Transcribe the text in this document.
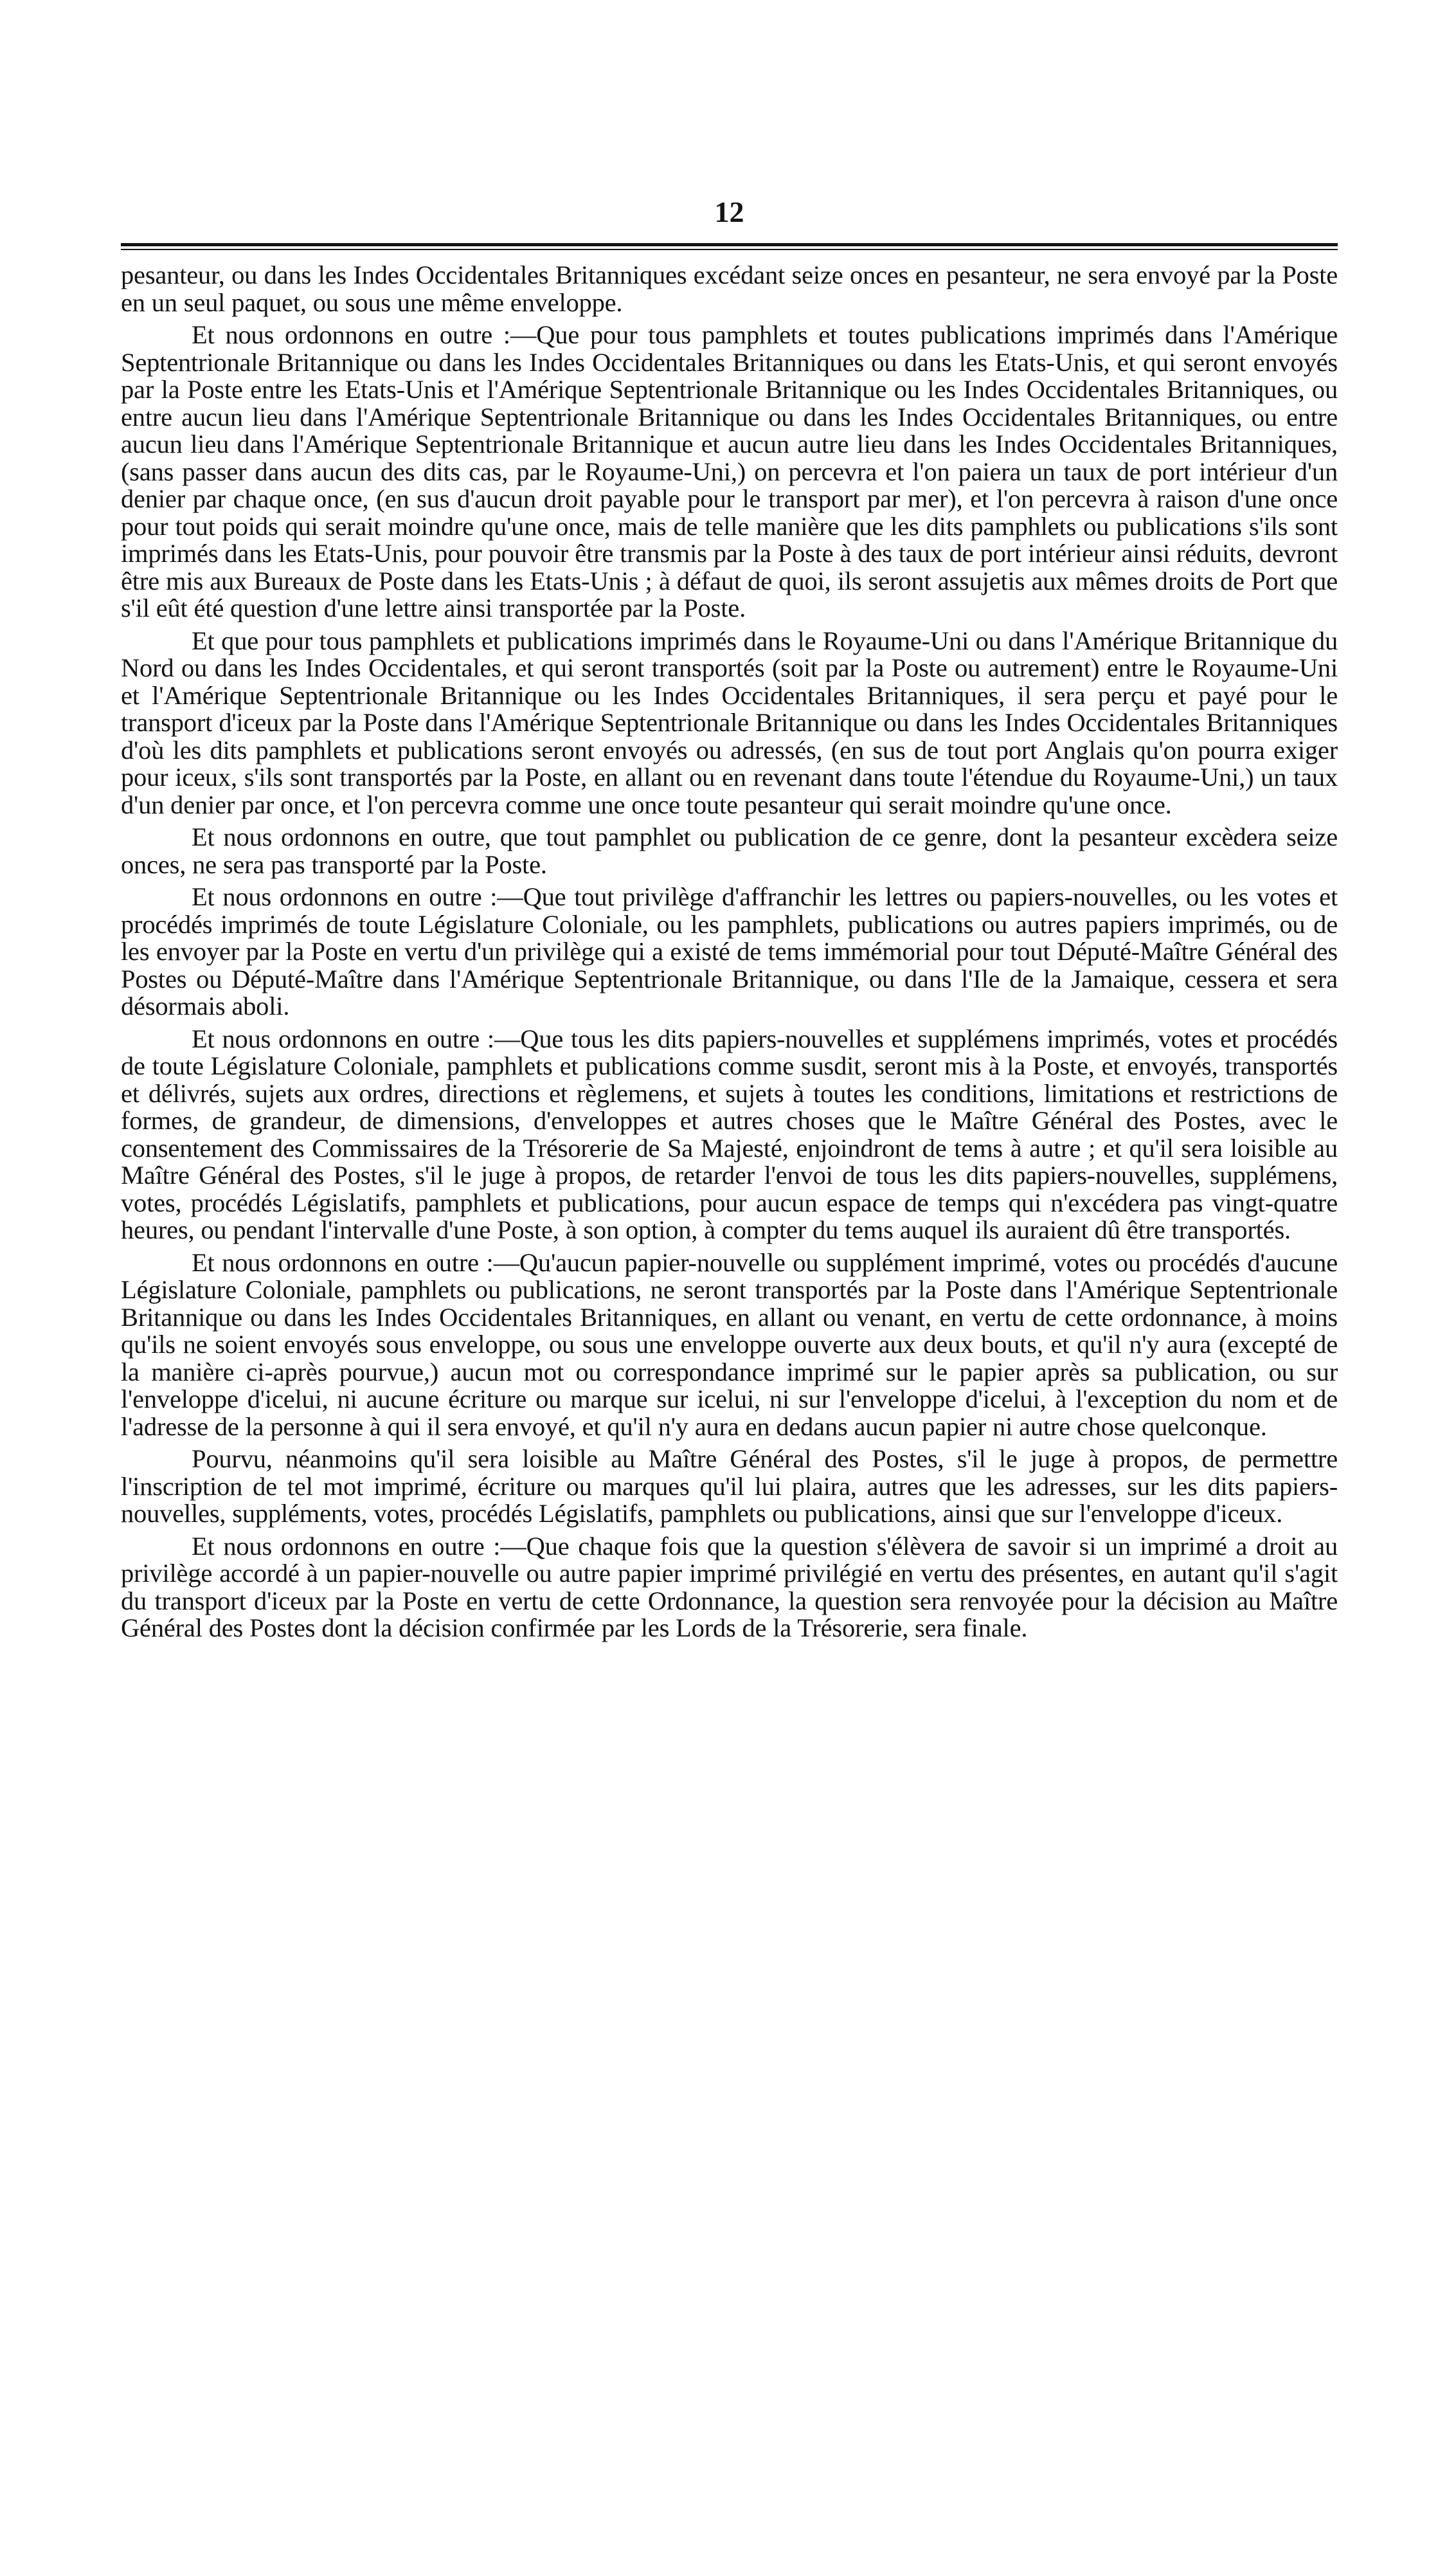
12

pesanteur, ou dans les Indes Occidentales Britanniques excédant seize onces en pesanteur, ne sera envoyé par la Poste en un seul paquet, ou sous une même enveloppe.

Et nous ordonnons en outre :—Que pour tous pamphlets et toutes publications imprimés dans l'Amérique Septentrionale Britannique ou dans les Indes Occidentales Britanniques ou dans les Etats-Unis, et qui seront envoyés par la Poste entre les Etats-Unis et l'Amérique Septentrionale Britannique ou les Indes Occidentales Britanniques, ou entre aucun lieu dans l'Amérique Septentrionale Britannique ou dans les Indes Occidentales Britanniques, ou entre aucun lieu dans l'Amérique Septentrionale Britannique et aucun autre lieu dans les Indes Occidentales Britanniques, (sans passer dans aucun des dits cas, par le Royaume-Uni,) on percevra et l'on paiera un taux de port intérieur d'un denier par chaque once, (en sus d'aucun droit payable pour le transport par mer), et l'on percevra à raison d'une once pour tout poids qui serait moindre qu'une once, mais de telle manière que les dits pamphlets ou publications s'ils sont imprimés dans les Etats-Unis, pour pouvoir être transmis par la Poste à des taux de port intérieur ainsi réduits, devront être mis aux Bureaux de Poste dans les Etats-Unis ; à défaut de quoi, ils seront assujetis aux mêmes droits de Port que s'il eût été question d'une lettre ainsi transportée par la Poste.

Et que pour tous pamphlets et publications imprimés dans le Royaume-Uni ou dans l'Amérique Britannique du Nord ou dans les Indes Occidentales, et qui seront transportés (soit par la Poste ou autrement) entre le Royaume-Uni et l'Amérique Septentrionale Britannique ou les Indes Occidentales Britanniques, il sera perçu et payé pour le transport d'iceux par la Poste dans l'Amérique Septentrionale Britannique ou dans les Indes Occidentales Britanniques d'où les dits pamphlets et publications seront envoyés ou adressés, (en sus de tout port Anglais qu'on pourra exiger pour iceux, s'ils sont transportés par la Poste, en allant ou en revenant dans toute l'étendue du Royaume-Uni,) un taux d'un denier par once, et l'on percevra comme une once toute pesanteur qui serait moindre qu'une once.

Et nous ordonnons en outre, que tout pamphlet ou publication de ce genre, dont la pesanteur excèdera seize onces, ne sera pas transporté par la Poste.

Et nous ordonnons en outre :—Que tout privilège d'affranchir les lettres ou papiers-nouvelles, ou les votes et procédés imprimés de toute Législature Coloniale, ou les pamphlets, publications ou autres papiers imprimés, ou de les envoyer par la Poste en vertu d'un privilège qui a existé de tems immémorial pour tout Député-Maître Général des Postes ou Député-Maître dans l'Amérique Septentrionale Britannique, ou dans l'Ile de la Jamaique, cessera et sera désormais aboli.

Et nous ordonnons en outre :—Que tous les dits papiers-nouvelles et supplémens imprimés, votes et procédés de toute Législature Coloniale, pamphlets et publications comme susdit, seront mis à la Poste, et envoyés, transportés et délivrés, sujets aux ordres, directions et règlemens, et sujets à toutes les conditions, limitations et restrictions de formes, de grandeur, de dimensions, d'enveloppes et autres choses que le Maître Général des Postes, avec le consentement des Commissaires de la Trésorerie de Sa Majesté, enjoindront de tems à autre ; et qu'il sera loisible au Maître Général des Postes, s'il le juge à propos, de retarder l'envoi de tous les dits papiers-nouvelles, supplémens, votes, procédés Législatifs, pamphlets et publications, pour aucun espace de temps qui n'excédera pas vingt-quatre heures, ou pendant l'intervalle d'une Poste, à son option, à compter du tems auquel ils auraient dû être transportés.

Et nous ordonnons en outre :—Qu'aucun papier-nouvelle ou supplément imprimé, votes ou procédés d'aucune Législature Coloniale, pamphlets ou publications, ne seront transportés par la Poste dans l'Amérique Septentrionale Britannique ou dans les Indes Occidentales Britanniques, en allant ou venant, en vertu de cette ordonnance, à moins qu'ils ne soient envoyés sous enveloppe, ou sous une enveloppe ouverte aux deux bouts, et qu'il n'y aura (excepté de la manière ci-après pourvue,) aucun mot ou correspondance imprimé sur le papier après sa publication, ou sur l'enveloppe d'icelui, ni aucune écriture ou marque sur icelui, ni sur l'enveloppe d'icelui, à l'exception du nom et de l'adresse de la personne à qui il sera envoyé, et qu'il n'y aura en dedans aucun papier ni autre chose quelconque.

Pourvu, néanmoins qu'il sera loisible au Maître Général des Postes, s'il le juge à propos, de permettre l'inscription de tel mot imprimé, écriture ou marques qu'il lui plaira, autres que les adresses, sur les dits papiers-nouvelles, suppléments, votes, procédés Législatifs, pamphlets ou publications, ainsi que sur l'enveloppe d'iceux.

Et nous ordonnons en outre :—Que chaque fois que la question s'élèvera de savoir si un imprimé a droit au privilège accordé à un papier-nouvelle ou autre papier imprimé privilégié en vertu des présentes, en autant qu'il s'agit du transport d'iceux par la Poste en vertu de cette Ordonnance, la question sera renvoyée pour la décision au Maître Général des Postes dont la décision confirmée par les Lords de la Trésorerie, sera finale.
